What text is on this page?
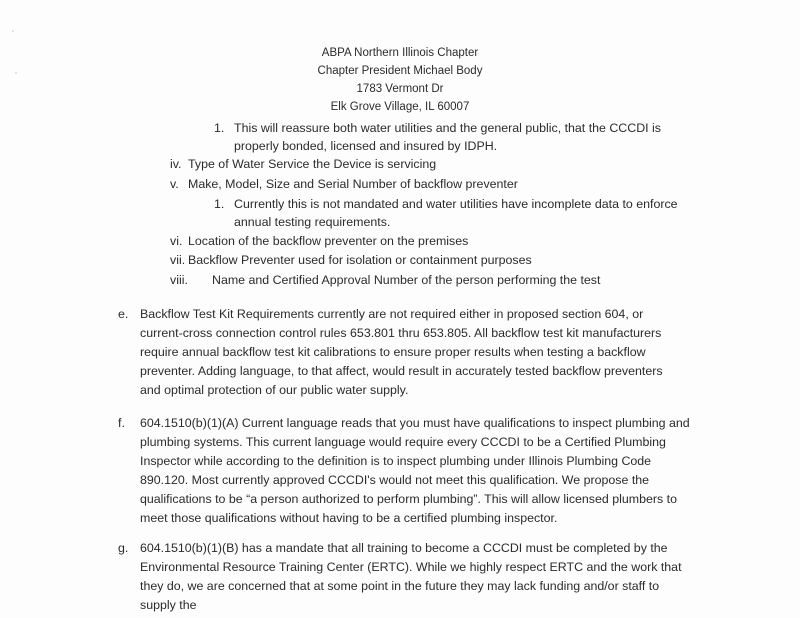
ABPA Northern Illinois Chapter
Chapter President Michael Body
1783 Vermont Dr
Elk Grove Village, IL 60007
1. This will reassure both water utilities and the general public, that the CCCDI is
properly bonded, licensed and insured by IDPH.
iv. Type of Water Service the Device is servicing
v. Make, Model, Size and Serial Number of backflow preventer
1. Currently this is not mandated and water utilities have incomplete data to enforce
annual testing requirements.
vi. Location of the backflow preventer on the premises
vii. Backflow Preventer used for isolation or containment purposes
viii. Name and Certified Approval Number of the person performing the test
e. Backflow Test Kit Requirements currently are not required either in proposed section 604, or
current-cross connection control rules 653.801 thru 653.805. All backflow test kit manufacturers
require annual backflow test kit calibrations to ensure proper results when testing a backflow
preventer. Adding language, to that affect, would result in accurately tested backflow preventers
and optimal protection of our public water supply.
f. 604.1510(b)(1)(A) Current language reads that you must have qualifications to inspect plumbing and
plumbing systems. This current language would require every CCCDI to be a Certified Plumbing
Inspector while according to the definition is to inspect plumbing under Illinois Plumbing Code
890.120. Most currently approved CCCDI's would not meet this qualification. We propose the
qualifications to be “a person authorized to perform plumbing”. This will allow licensed plumbers to
meet those qualifications without having to be a certified plumbing inspector.
g. 604.1510(b)(1)(B) has a mandate that all training to become a CCCDI must be completed by the
Environmental Resource Training Center (ERTC). While we highly respect ERTC and the work that
they do, we are concerned that at some point in the future they may lack funding and/or staff to
supply the
